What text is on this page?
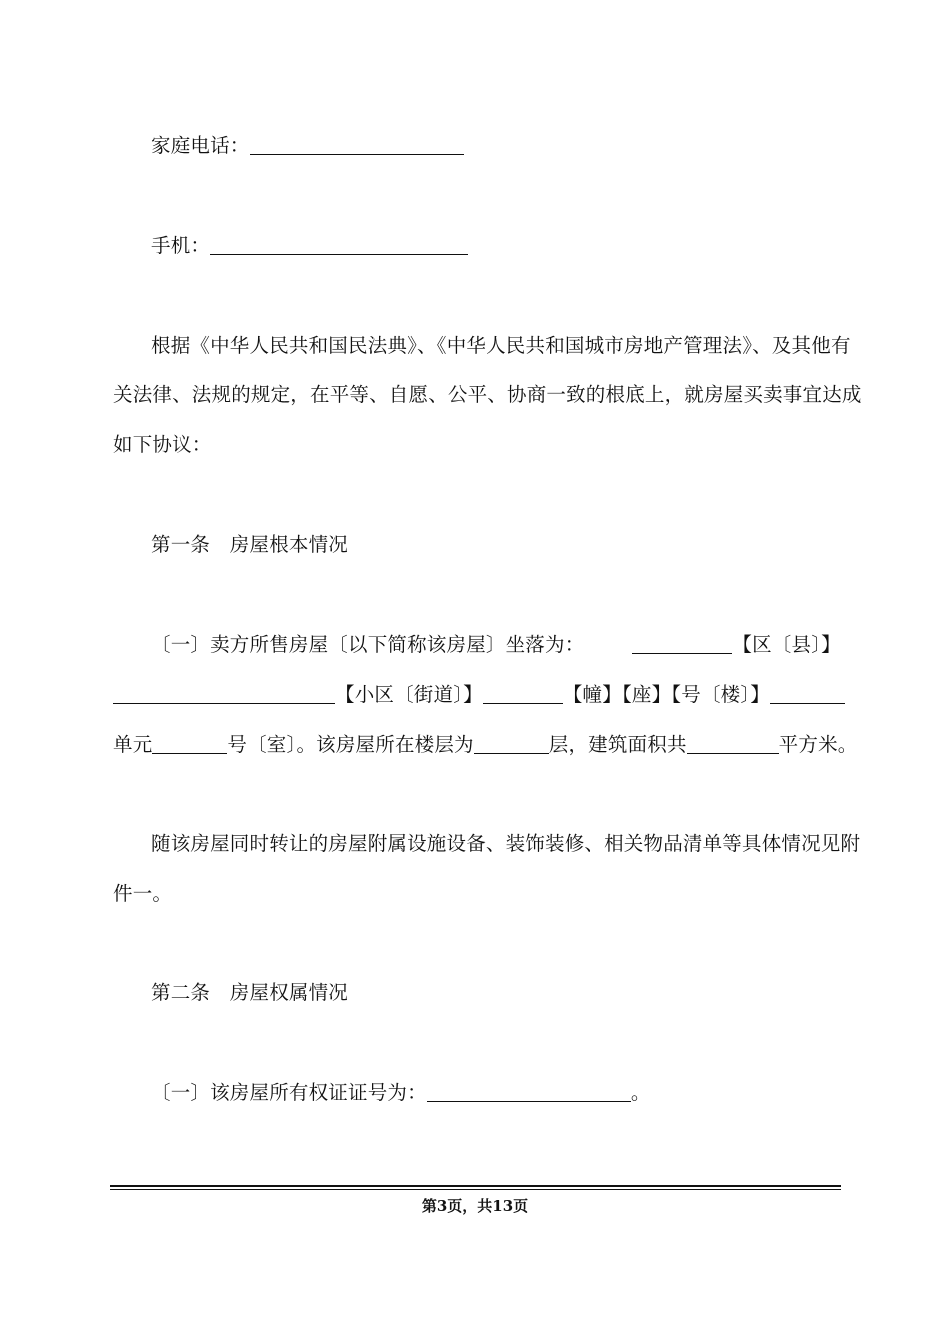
家庭电话：
手机：
根据《中华人民共和国民法典》、《中华人民共和国城市房地产管理法》、及其他有
关法律、法规的规定，在平等、自愿、公平、协商一致的根底上，就房屋买卖事宜达成
如下协议：
第一条　房屋根本情况
〔一〕卖方所售房屋〔以下简称该房屋〕坐落为：	【区〔县〕】
【小区〔街道〕】	【幢】【座】【号〔楼〕】
单元	号〔室〕。该房屋所在楼层为	层，建筑面积共	平方米。
随该房屋同时转让的房屋附属设施设备、装饰装修、相关物品清单等具体情况见附
件一。
第二条　房屋权属情况
〔一〕该房屋所有权证证号为：	。
第3页，共13页
